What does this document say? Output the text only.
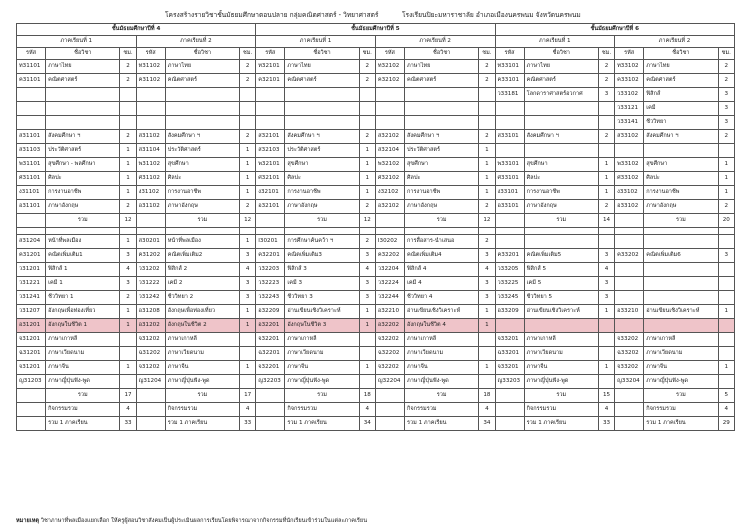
โครงสร้างรายวิชาชั้นมัธยมศึกษาตอนปลาย กลุ่มคณิตศาสตร์ - วิทยาศาสตร์	โรงเรียนปิยะมหาราชาลัย อำเภอเมืองนครพนม จังหวัดนครพนม
ชั้นมัธยมศึกษาปีที่ 4						ชั้นมัธยมศึกษาปีที่ 5						ชั้นมัธยมศึกษาปีที่ 6					
ภาคเรียนที่ 1			ภาคเรียนที่ 2			ภาคเรียนที่ 1			ภาคเรียนที่ 2			ภาคเรียนที่ 1			ภาคเรียนที่ 2		
รหัส	ชื่อวิชา	ชม.	รหัส	ชื่อวิชา	ชม.	รหัส	ชื่อวิชา	ชม.	รหัส	ชื่อวิชา	ชม.	รหัส	ชื่อวิชา	ชม.	รหัส	ชื่อวิชา	ชม.
ท31101	ภาษาไทย	2	ท31102	ภาษาไทย	2	ท32101	ภาษาไทย	2	ท32102	ภาษาไทย	2	ท33101	ภาษาไทย	2	ท33102	ภาษาไทย	2
ค31101	คณิตศาสตร์	2	ค31102	คณิตศาสตร์	2	ค32101	คณิตศาสตร์	2	ค32102	คณิตศาสตร์	2	ค33101	คณิตศาสตร์	2	ค33102	คณิตศาสตร์	2
												ว33181	โลกดาราศาสตร์อวกาศ	3	ว33102	ฟิสิกส์	3
															ว33121	เคมี	3
															ว33141	ชีววิทยา	3
ส31101	สังคมศึกษา ฯ	2	ส31102	สังคมศึกษา ฯ	2	ส32101	สังคมศึกษา ฯ	2	ส32102	สังคมศึกษา ฯ	2	ส33101	สังคมศึกษา ฯ	2	ส33102	สังคมศึกษา ฯ	2
ส31103	ประวัติศาสตร์	1	ส31104	ประวัติศาสตร์	1	ส32103	ประวัติศาสตร์	1	ส32104	ประวัติศาสตร์	1						
พ31101	สุขศึกษา - พลศึกษา	1	พ31102	สุขศึกษา	1	พ32101	สุขศึกษา	1	พ32102	สุขศึกษา	1	พ33101	สุขศึกษา	1	พ33102	สุขศึกษา	1
ศ31101	ศิลปะ	1	ศ31102	ศิลปะ	1	ศ32101	ศิลปะ	1	ศ32102	ศิลปะ	1	ศ33101	ศิลปะ	1	ศ33102	ศิลปะ	1
ง31101	การงานอาชีพ	1	ง31102	การงานอาชีพ	1	ง32101	การงานอาชีพ	1	ง32102	การงานอาชีพ	1	ง33101	การงานอาชีพ	1	ง33102	การงานอาชีพ	1
อ31101	ภาษาอังกฤษ	2	อ31102	ภาษาอังกฤษ	2	อ32101	ภาษาอังกฤษ	2	อ32102	ภาษาอังกฤษ	2	อ33101	ภาษาอังกฤษ	2	อ33102	ภาษาอังกฤษ	2
	รวม	12		รวม	12		รวม	12		รวม	12		รวม	14		รวม	20

ส31204	หน้าที่พลเมือง	1	ส30201	หน้าที่พลเมือง	1	I30201	การศึกษาค้นคว้า ฯ	2	I30202	การสื่อสาร-นำเสนอ	2						
ค31201	คณิตเพิ่มเติม1	3	ค31202	คณิตเพิ่มเติม2	3	ค32201	คณิตเพิ่มเติม3	3	ค32202	คณิตเพิ่มเติม4	3	ค33201	คณิตเพิ่มเติม5	3	ค33202	คณิตเพิ่มเติม6	3
ว31201	ฟิสิกส์ 1	4	ว31202	ฟิสิกส์ 2	4	ว32203	ฟิสิกส์ 3	4	ว32204	ฟิสิกส์ 4	4	ว33205	ฟิสิกส์ 5	4			
ว31221	เคมี 1	3	ว31222	เคมี 2	3	ว32223	เคมี 3	3	ว32224	เคมี 4	3	ว33225	เคมี 5	3			
ว31241	ชีววิทยา 1	2	ว31242	ชีววิทยา 2	3	ว32243	ชีววิทยา 3	3	ว32244	ชีววิทยา 4	3	ว33245	ชีววิทยา 5	3			
ว31207	อังกฤษเพื่อท่องเที่ยว	1	อ31208	อังกฤษเพื่อท่องเที่ยว	1	อ32209	อ่านเขียนเชิงวิเคราะห์	1	อ32210	อ่านเขียนเชิงวิเคราะห์	1	อ33209	อ่านเขียนเชิงวิเคราะห์	1	อ33210	อ่านเขียนเชิงวิเคราะห์	1
อ31201	อังกฤษในชีวิต 1	1	อ31202	อังกฤษในชีวิต 2	1	อ32201	อังกฤษในชีวิต 3	1	อ32202	อังกฤษในชีวิต 4	1						
จ31201	ภาษาเกาหลี		จ31202	ภาษาเกาหลี		จ32201	ภาษาเกาหลี		จ32202	ภาษาเกาหลี		จ33201	ภาษาเกาหลี		จ33202	ภาษาเกาหลี	
ฉ31201	ภาษาเวียดนาม		ฉ31202	ภาษาเวียดนาม		ฉ32201	ภาษาเวียดนาม		ฉ32202	ภาษาเวียดนาม		ฉ33201	ภาษาเวียดนาม		ฉ33202	ภาษาเวียดนาม	
จ31201	ภาษาจีน	1	จ31202	ภาษาจีน	1	จ32201	ภาษาจีน	1	จ32202	ภาษาจีน	1	จ33201	ภาษาจีน	1	จ33202	ภาษาจีน	1
ญ31203	ภาษาญี่ปุ่นฟัง-พูด		ญ31204	ภาษาญี่ปุ่นฟัง-พูด		ญ32203	ภาษาญี่ปุ่นฟัง-พูด		ญ32204	ภาษาญี่ปุ่นฟัง-พูด		ญ33203	ภาษาญี่ปุ่นฟัง-พูด		ญ33204	ภาษาญี่ปุ่นฟัง-พูด	
	รวม	17		รวม	17		รวม	18		รวม	18		รวม	15		รวม	5
	กิจกรรมรวม	4		กิจกรรมรวม	4		กิจกรรมรวม	4		กิจกรรมรวม	4		กิจกรรมรวม	4		กิจกรรมรวม	4
	รวม 1 ภาคเรียน	33		รวม 1 ภาคเรียน	33		รวม 1 ภาคเรียน	34		รวม 1 ภาคเรียน	34		รวม 1 ภาคเรียน	33		รวม 1 ภาคเรียน	29
หมายเหตุ วิชาภาษาที่พลเมืองแยกเลือก ให้ครูผู้สอนวิชาสังคมเป็นผู้ประเมินผลการเรียนโดยพิจารณาจากกิจกรรมที่นักเรียนเข้าร่วมในแต่ละภาคเรียน
